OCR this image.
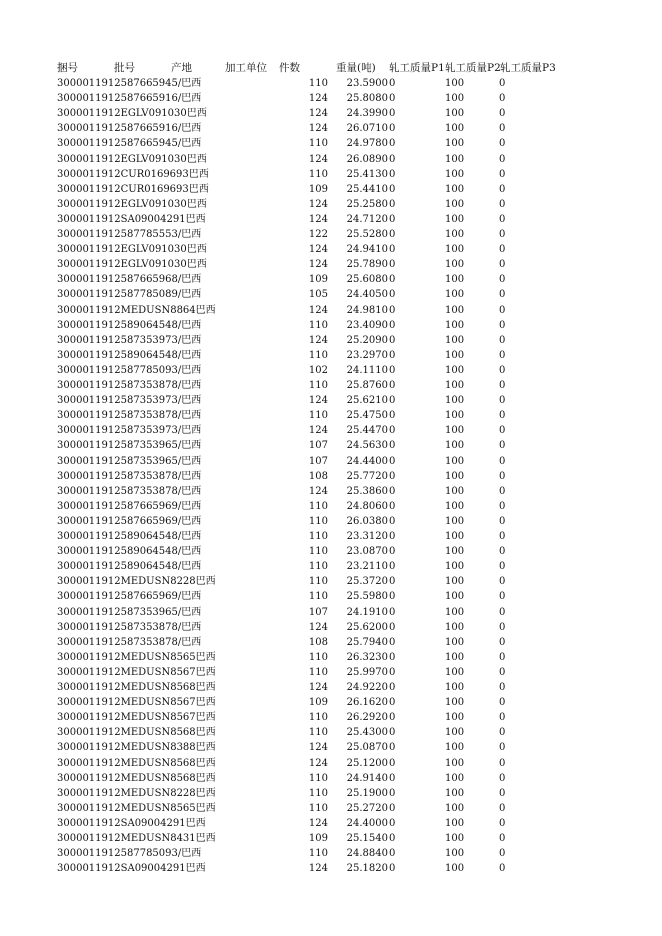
捆号	批号	产地	加工单位 件数	重量(吨) 轧工质量P1 轧工质量P2 轧工质量P3
3000011912587665945/巴西	110	23.5900 0	100	0
3000011912587665916/巴西	124	25.8080 0	100	0
3000011912EGLV091030巴西	124	24.3990 0	100	0
3000011912587665916/巴西	124	26.0710 0	100	0
3000011912587665945/巴西	110	24.9780 0	100	0
3000011912EGLV091030巴西	124	26.0890 0	100	0
3000011912CUR0169693巴西	110	25.4130 0	100	0
3000011912CUR0169693巴西	109	25.4410 0	100	0
3000011912EGLV091030巴西	124	25.2580 0	100	0
3000011912SA09004291巴西	124	24.7120 0	100	0
3000011912587785553/巴西	122	25.5280 0	100	0
3000011912EGLV091030巴西	124	24.9410 0	100	0
3000011912EGLV091030巴西	124	25.7890 0	100	0
3000011912587665968/巴西	109	25.6080 0	100	0
3000011912587785089/巴西	105	24.4050 0	100	0
3000011912MEDUSN8864巴西	124	24.9810 0	100	0
3000011912589064548/巴西	110	23.4090 0	100	0
3000011912587353973/巴西	124	25.2090 0	100	0
3000011912589064548/巴西	110	23.2970 0	100	0
3000011912587785093/巴西	102	24.1110 0	100	0
3000011912587353878/巴西	110	25.8760 0	100	0
3000011912587353973/巴西	124	25.6210 0	100	0
3000011912587353878/巴西	110	25.4750 0	100	0
3000011912587353973/巴西	124	25.4470 0	100	0
3000011912587353965/巴西	107	24.5630 0	100	0
3000011912587353965/巴西	107	24.4400 0	100	0
3000011912587353878/巴西	108	25.7720 0	100	0
3000011912587353878/巴西	124	25.3860 0	100	0
3000011912587665969/巴西	110	24.8060 0	100	0
3000011912587665969/巴西	110	26.0380 0	100	0
3000011912589064548/巴西	110	23.3120 0	100	0
3000011912589064548/巴西	110	23.0870 0	100	0
3000011912589064548/巴西	110	23.2110 0	100	0
3000011912MEDUSN8228巴西	110	25.3720 0	100	0
3000011912587665969/巴西	110	25.5980 0	100	0
3000011912587353965/巴西	107	24.1910 0	100	0
3000011912587353878/巴西	124	25.6200 0	100	0
3000011912587353878/巴西	108	25.7940 0	100	0
3000011912MEDUSN8565巴西	110	26.3230 0	100	0
3000011912MEDUSN8567巴西	110	25.9970 0	100	0
3000011912MEDUSN8568巴西	124	24.9220 0	100	0
3000011912MEDUSN8567巴西	109	26.1620 0	100	0
3000011912MEDUSN8567巴西	110	26.2920 0	100	0
3000011912MEDUSN8568巴西	110	25.4300 0	100	0
3000011912MEDUSN8388巴西	124	25.0870 0	100	0
3000011912MEDUSN8568巴西	124	25.1200 0	100	0
3000011912MEDUSN8568巴西	110	24.9140 0	100	0
3000011912MEDUSN8228巴西	110	25.1900 0	100	0
3000011912MEDUSN8565巴西	110	25.2720 0	100	0
3000011912SA09004291巴西	124	24.4000 0	100	0
3000011912MEDUSN8431巴西	109	25.1540 0	100	0
3000011912587785093/巴西	110	24.8840 0	100	0
3000011912SA09004291巴西	124	25.1820 0	100	0
